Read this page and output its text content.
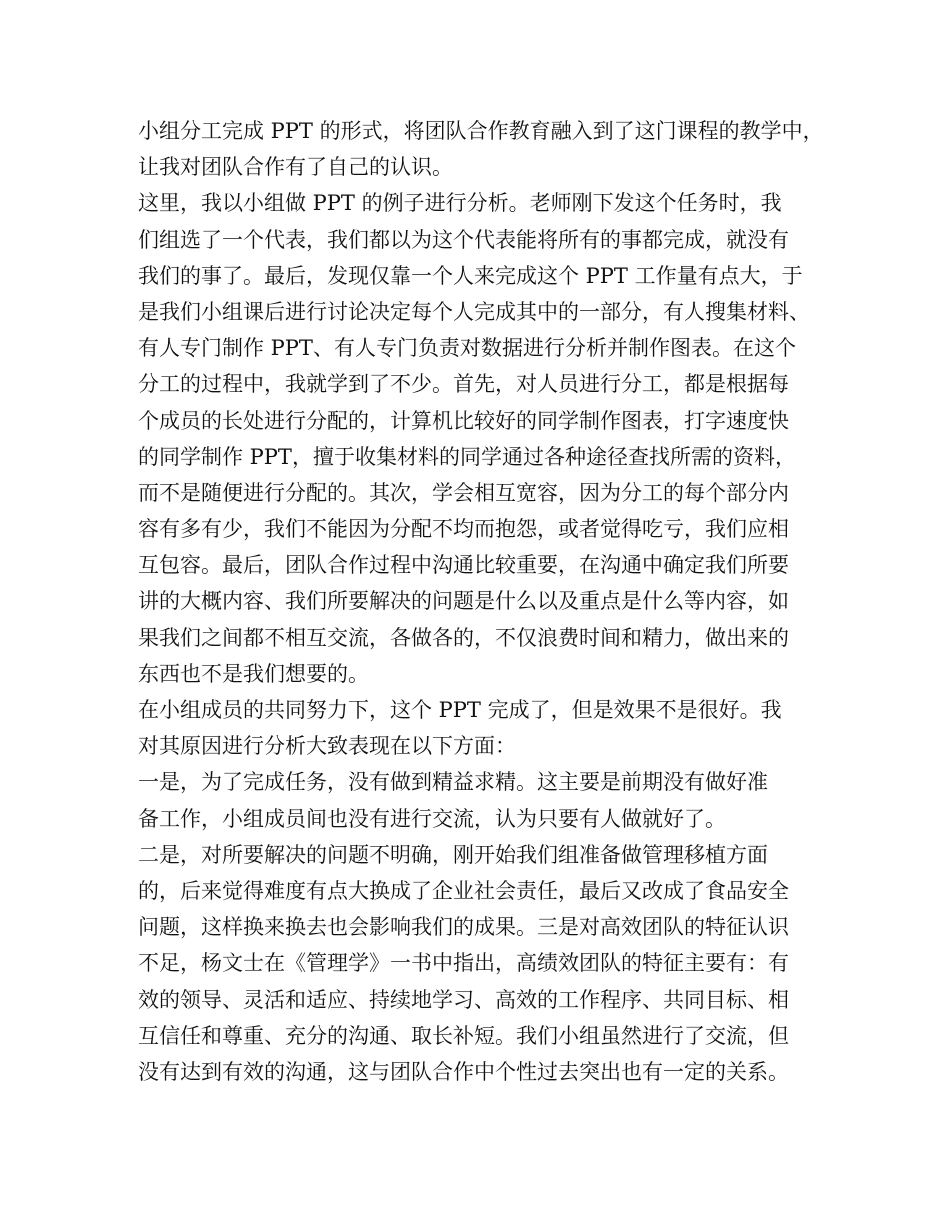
小组分工完成 PPT 的形式，将团队合作教育融入到了这门课程的教学中，
让我对团队合作有了自己的认识。
这里，我以小组做 PPT 的例子进行分析。老师刚下发这个任务时，我
们组选了一个代表，我们都以为这个代表能将所有的事都完成，就没有
我们的事了。最后，发现仅靠一个人来完成这个 PPT 工作量有点大，于
是我们小组课后进行讨论决定每个人完成其中的一部分，有人搜集材料、
有人专门制作 PPT、有人专门负责对数据进行分析并制作图表。在这个
分工的过程中，我就学到了不少。首先，对人员进行分工，都是根据每
个成员的长处进行分配的，计算机比较好的同学制作图表，打字速度快
的同学制作 PPT，擅于收集材料的同学通过各种途径查找所需的资料，
而不是随便进行分配的。其次，学会相互宽容，因为分工的每个部分内
容有多有少，我们不能因为分配不均而抱怨，或者觉得吃亏，我们应相
互包容。最后，团队合作过程中沟通比较重要，在沟通中确定我们所要
讲的大概内容、我们所要解决的问题是什么以及重点是什么等内容，如
果我们之间都不相互交流，各做各的，不仅浪费时间和精力，做出来的
东西也不是我们想要的。
在小组成员的共同努力下，这个 PPT 完成了，但是效果不是很好。我
对其原因进行分析大致表现在以下方面：
一是，为了完成任务，没有做到精益求精。这主要是前期没有做好准
备工作，小组成员间也没有进行交流，认为只要有人做就好了。
二是，对所要解决的问题不明确，刚开始我们组准备做管理移植方面
的，后来觉得难度有点大换成了企业社会责任，最后又改成了食品安全
问题，这样换来换去也会影响我们的成果。三是对高效团队的特征认识
不足，杨文士在《管理学》一书中指出，高绩效团队的特征主要有：有
效的领导、灵活和适应、持续地学习、高效的工作程序、共同目标、相
互信任和尊重、充分的沟通、取长补短。我们小组虽然进行了交流，但
没有达到有效的沟通，这与团队合作中个性过去突出也有一定的关系。
